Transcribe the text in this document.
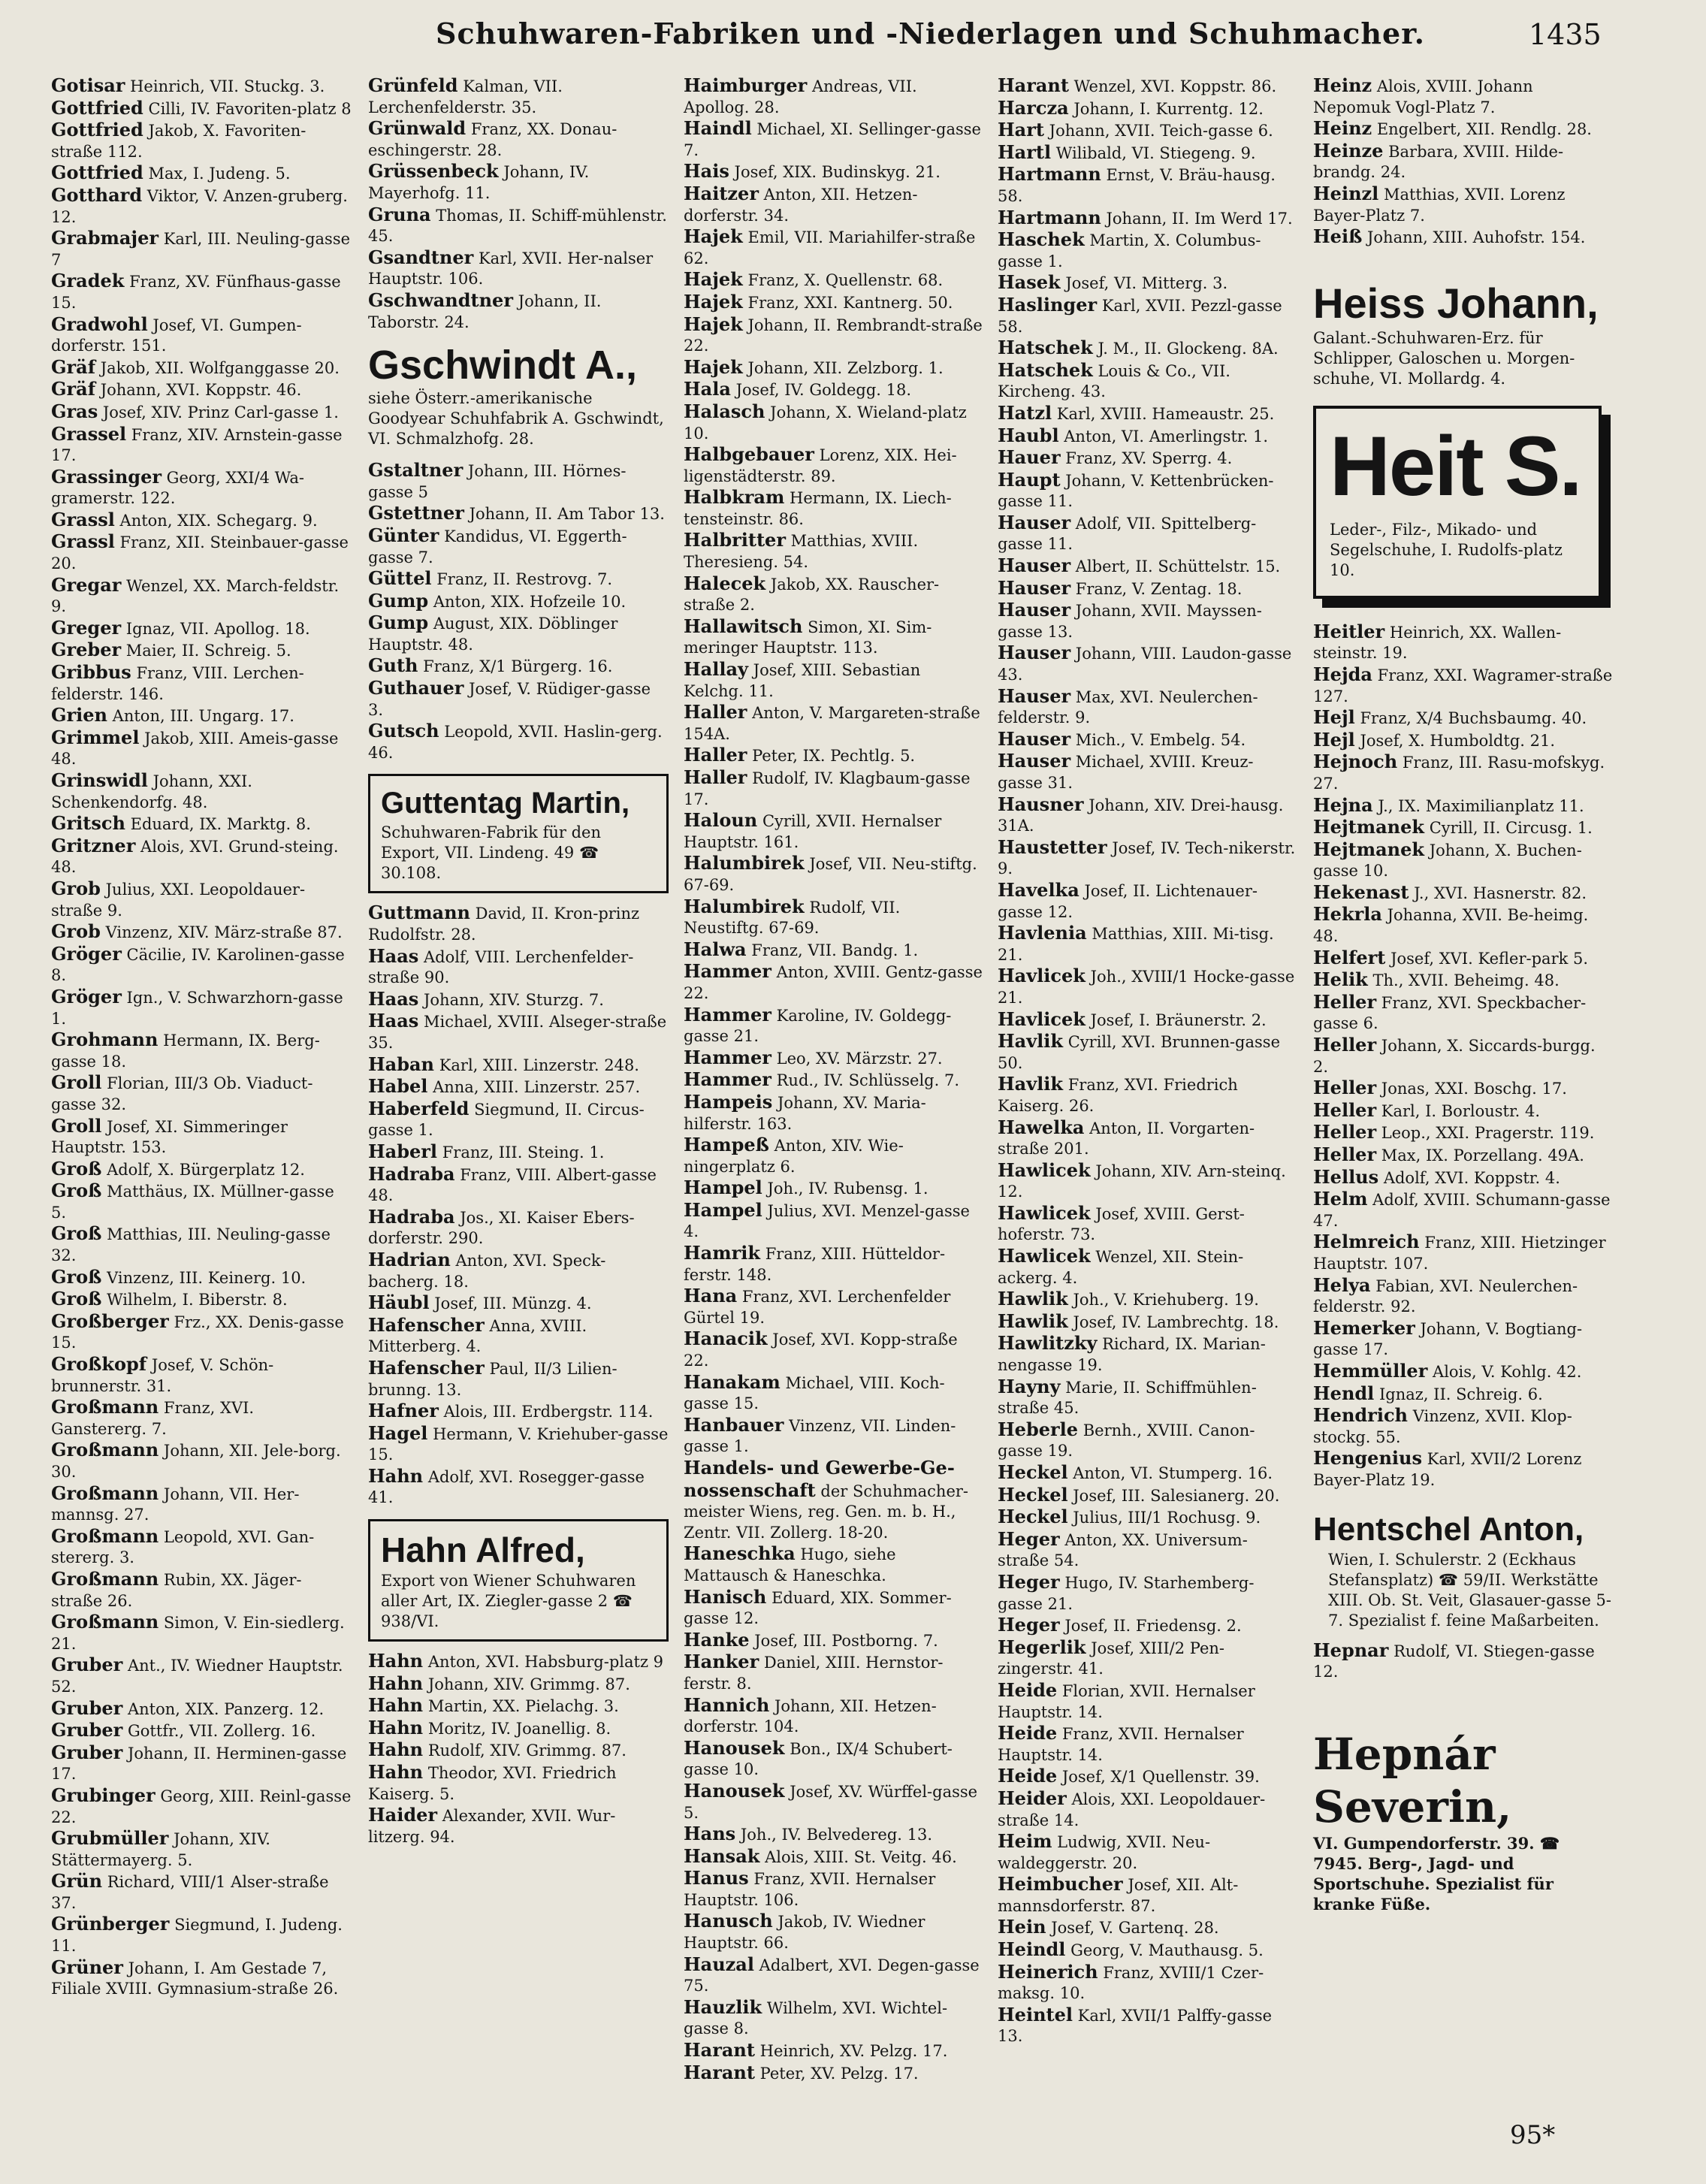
Schuhwaren-Fabriken und -Niederlagen und Schuhmacher.	1435

Gotisar Heinrich, VII. Stuckg. 3.

Gottfried Cilli, IV. Favoriten-platz 8

Gottfried Jakob, X. Favoriten-straße 112.

Gottfried Max, I. Judeng. 5.

Gotthard Viktor, V. Anzen-gruberg. 12.

Grabmajer Karl, III. Neuling-gasse 7

Gradek Franz, XV. Fünfhaus-gasse 15.

Gradwohl Josef, VI. Gumpen-dorferstr. 151.

Gräf Jakob, XII. Wolfganggasse 20.

Gräf Johann, XVI. Koppstr. 46.

Gras Josef, XIV. Prinz Carl-gasse 1.

Grassel Franz, XIV. Arnstein-gasse 17.

Grassinger Georg, XXI/4 Wa-gramerstr. 122.

Grassl Anton, XIX. Schegarg. 9.

Grassl Franz, XII. Steinbauer-gasse 20.

Gregar Wenzel, XX. March-feldstr. 9.

Greger Ignaz, VII. Apollog. 18.

Greber Maier, II. Schreig. 5.

Gribbus Franz, VIII. Lerchen-felderstr. 146.

Grien Anton, III. Ungarg. 17.

Grimmel Jakob, XIII. Ameis-gasse 48.

Grinswidl Johann, XXI. Schenkendorfg. 48.

Gritsch Eduard, IX. Marktg. 8.

Gritzner Alois, XVI. Grund-steing. 48.

Grob Julius, XXI. Leopoldauer-straße 9.

Grob Vinzenz, XIV. März-straße 87.

Gröger Cäcilie, IV. Karolinen-gasse 8.

Gröger Ign., V. Schwarzhorn-gasse 1.

Grohmann Hermann, IX. Berg-gasse 18.

Groll Florian, III/3 Ob. Viaduct-gasse 32.

Groll Josef, XI. Simmeringer Hauptstr. 153.

Groß Adolf, X. Bürgerplatz 12.

Groß Matthäus, IX. Müllner-gasse 5.

Groß Matthias, III. Neuling-gasse 32.

Groß Vinzenz, III. Keinerg. 10.

Groß Wilhelm, I. Biberstr. 8.

Großberger Frz., XX. Denis-gasse 15.

Großkopf Josef, V. Schön-brunnerstr. 31.

Großmann Franz, XVI. Ganstererg. 7.

Großmann Johann, XII. Jele-borg. 30.

Großmann Johann, VII. Her-mannsg. 27.

Großmann Leopold, XVI. Gan-stererg. 3.

Großmann Rubin, XX. Jäger-straße 26.

Großmann Simon, V. Ein-siedlerg. 21.

Gruber Ant., IV. Wiedner Hauptstr. 52.

Gruber Anton, XIX. Panzerg. 12.

Gruber Gottfr., VII. Zollerg. 16.

Gruber Johann, II. Herminen-gasse 17.

Grubinger Georg, XIII. Reinl-gasse 22.

Grubmüller Johann, XIV. Stättermayerg. 5.

Grün Richard, VIII/1 Alser-straße 37.

Grünberger Siegmund, I. Judeng. 11.

Grüner Johann, I. Am Gestade 7, Filiale XVIII. Gymnasium-straße 26.

Grünfeld Kalman, VII. Lerchenfelderstr. 35.

Grünwald Franz, XX. Donau-eschingerstr. 28.

Grüssenbeck Johann, IV. Mayerhofg. 11.

Gruna Thomas, II. Schiff-mühlenstr. 45.

Gsandtner Karl, XVII. Her-nalser Hauptstr. 106.

Gschwandtner Johann, II. Taborstr. 24.

Gschwindt A.,
siehe Österr.-amerikanische Goodyear Schuhfabrik A. Gschwindt, VI. Schmalzhofg. 28.

Gstaltner Johann, III. Hörnes-gasse 5

Gstettner Johann, II. Am Tabor 13.

Günter Kandidus, VI. Eggerth-gasse 7.

Güttel Franz, II. Restrovg. 7.

Gump Anton, XIX. Hofzeile 10.

Gump August, XIX. Döblinger Hauptstr. 48.

Guth Franz, X/1 Bürgerg. 16.

Guthauer Josef, V. Rüdiger-gasse 3.

Gutsch Leopold, XVII. Haslin-gerg. 46.

Guttentag Martin,
Schuhwaren-Fabrik für den Export, VII. Lindeng. 49 ☎ 30.108.

Guttmann David, II. Kron-prinz Rudolfstr. 28.

Haas Adolf, VIII. Lerchenfelder-straße 90.

Haas Johann, XIV. Sturzg. 7.

Haas Michael, XVIII. Alseger-straße 35.

Haban Karl, XIII. Linzerstr. 248.

Habel Anna, XIII. Linzerstr. 257.

Haberfeld Siegmund, II. Circus-gasse 1.

Haberl Franz, III. Steing. 1.

Hadraba Franz, VIII. Albert-gasse 48.

Hadraba Jos., XI. Kaiser Ebers-dorferstr. 290.

Hadrian Anton, XVI. Speck-bacherg. 18.

Häubl Josef, III. Münzg. 4.

Hafenscher Anna, XVIII. Mitterberg. 4.

Hafenscher Paul, II/3 Lilien-brunng. 13.

Hafner Alois, III. Erdbergstr. 114.

Hagel Hermann, V. Kriehuber-gasse 15.

Hahn Adolf, XVI. Rosegger-gasse 41.

Hahn Alfred,
Export von Wiener Schuhwaren aller Art, IX. Ziegler-gasse 2 ☎ 938/VI.

Hahn Anton, XVI. Habsburg-platz 9

Hahn Johann, XIV. Grimmg. 87.

Hahn Martin, XX. Pielachg. 3.

Hahn Moritz, IV. Joanellig. 8.

Hahn Rudolf, XIV. Grimmg. 87.

Hahn Theodor, XVI. Friedrich Kaiserg. 5.

Haider Alexander, XVII. Wur-litzerg. 94.

Haimburger Andreas, VII. Apollog. 28.

Haindl Michael, XI. Sellinger-gasse 7.

Hais Josef, XIX. Budinskyg. 21.

Haitzer Anton, XII. Hetzen-dorferstr. 34.

Hajek Emil, VII. Mariahilfer-straße 62.

Hajek Franz, X. Quellenstr. 68.

Hajek Franz, XXI. Kantnerg. 50.

Hajek Johann, II. Rembrandt-straße 22.

Hajek Johann, XII. Zelzborg. 1.

Hala Josef, IV. Goldegg. 18.

Halasch Johann, X. Wieland-platz 10.

Halbgebauer Lorenz, XIX. Hei-ligenstädterstr. 89.

Halbkram Hermann, IX. Liech-tensteinstr. 86.

Halbritter Matthias, XVIII. Theresieng. 54.

Halecek Jakob, XX. Rauscher-straße 2.

Hallawitsch Simon, XI. Sim-meringer Hauptstr. 113.

Hallay Josef, XIII. Sebastian Kelchg. 11.

Haller Anton, V. Margareten-straße 154A.

Haller Peter, IX. Pechtlg. 5.

Haller Rudolf, IV. Klagbaum-gasse 17.

Haloun Cyrill, XVII. Hernalser Hauptstr. 161.

Halumbirek Josef, VII. Neu-stiftg. 67-69.

Halumbirek Rudolf, VII. Neustiftg. 67-69.

Halwa Franz, VII. Bandg. 1.

Hammer Anton, XVIII. Gentz-gasse 22.

Hammer Karoline, IV. Goldegg-gasse 21.

Hammer Leo, XV. Märzstr. 27.

Hammer Rud., IV. Schlüsselg. 7.

Hampeis Johann, XV. Maria-hilferstr. 163.

Hampeß Anton, XIV. Wie-ningerplatz 6.

Hampel Joh., IV. Rubensg. 1.

Hampel Julius, XVI. Menzel-gasse 4.

Hamrik Franz, XIII. Hütteldor-ferstr. 148.

Hana Franz, XVI. Lerchenfelder Gürtel 19.

Hanacik Josef, XVI. Kopp-straße 22.

Hanakam Michael, VIII. Koch-gasse 15.

Hanbauer Vinzenz, VII. Linden-gasse 1.

Handels- und Gewerbe-Ge-nossenschaft der Schuhmacher-meister Wiens, reg. Gen. m. b. H., Zentr. VII. Zollerg. 18-20.

Haneschka Hugo, siehe Mattausch & Haneschka.

Hanisch Eduard, XIX. Sommer-gasse 12.

Hanke Josef, III. Postborng. 7.

Hanker Daniel, XIII. Hernstor-ferstr. 8.

Hannich Johann, XII. Hetzen-dorferstr. 104.

Hanousek Bon., IX/4 Schubert-gasse 10.

Hanousek Josef, XV. Würffel-gasse 5.

Hans Joh., IV. Belvedereg. 13.

Hansak Alois, XIII. St. Veitg. 46.

Hanus Franz, XVII. Hernalser Hauptstr. 106.

Hanusch Jakob, IV. Wiedner Hauptstr. 66.

Hauzal Adalbert, XVI. Degen-gasse 75.

Hauzlik Wilhelm, XVI. Wichtel-gasse 8.

Harant Heinrich, XV. Pelzg. 17.

Harant Peter, XV. Pelzg. 17.

Harant Wenzel, XVI. Koppstr. 86.

Harcza Johann, I. Kurrentg. 12.

Hart Johann, XVII. Teich-gasse 6.

Hartl Wilibald, VI. Stiegeng. 9.

Hartmann Ernst, V. Bräu-hausg. 58.

Hartmann Johann, II. Im Werd 17.

Haschek Martin, X. Columbus-gasse 1.

Hasek Josef, VI. Mitterg. 3.

Haslinger Karl, XVII. Pezzl-gasse 58.

Hatschek J. M., II. Glockeng. 8A.

Hatschek Louis & Co., VII. Kircheng. 43.

Hatzl Karl, XVIII. Hameaustr. 25.

Haubl Anton, VI. Amerlingstr. 1.

Hauer Franz, XV. Sperrg. 4.

Haupt Johann, V. Kettenbrücken-gasse 11.

Hauser Adolf, VII. Spittelberg-gasse 11.

Hauser Albert, II. Schüttelstr. 15.

Hauser Franz, V. Zentag. 18.

Hauser Johann, XVII. Mayssen-gasse 13.

Hauser Johann, VIII. Laudon-gasse 43.

Hauser Max, XVI. Neulerchen-felderstr. 9.

Hauser Mich., V. Embelg. 54.

Hauser Michael, XVIII. Kreuz-gasse 31.

Hausner Johann, XIV. Drei-hausg. 31A.

Haustetter Josef, IV. Tech-nikerstr. 9.

Havelka Josef, II. Lichtenauer-gasse 12.

Havlenia Matthias, XIII. Mi-tisg. 21.

Havlicek Joh., XVIII/1 Hocke-gasse 21.

Havlicek Josef, I. Bräunerstr. 2.

Havlik Cyrill, XVI. Brunnen-gasse 50.

Havlik Franz, XVI. Friedrich Kaiserg. 26.

Hawelka Anton, II. Vorgarten-straße 201.

Hawlicek Johann, XIV. Arn-steinq. 12.

Hawlicek Josef, XVIII. Gerst-hoferstr. 73.

Hawlicek Wenzel, XII. Stein-ackerg. 4.

Hawlik Joh., V. Kriehuberg. 19.

Hawlik Josef, IV. Lambrechtg. 18.

Hawlitzky Richard, IX. Marian-nengasse 19.

Hayny Marie, II. Schiffmühlen-straße 45.

Heberle Bernh., XVIII. Canon-gasse 19.

Heckel Anton, VI. Stumperg. 16.

Heckel Josef, III. Salesianerg. 20.

Heckel Julius, III/1 Rochusg. 9.

Heger Anton, XX. Universum-straße 54.

Heger Hugo, IV. Starhemberg-gasse 21.

Heger Josef, II. Friedensg. 2.

Hegerlik Josef, XIII/2 Pen-zingerstr. 41.

Heide Florian, XVII. Hernalser Hauptstr. 14.

Heide Franz, XVII. Hernalser Hauptstr. 14.

Heide Josef, X/1 Quellenstr. 39.

Heider Alois, XXI. Leopoldauer-straße 14.

Heim Ludwig, XVII. Neu-waldeggerstr. 20.

Heimbucher Josef, XII. Alt-mannsdorferstr. 87.

Hein Josef, V. Gartenq. 28.

Heindl Georg, V. Mauthausg. 5.

Heinerich Franz, XVIII/1 Czer-maksg. 10.

Heintel Karl, XVII/1 Palffy-gasse 13.

Heinz Alois, XVIII. Johann Nepomuk Vogl-Platz 7.

Heinz Engelbert, XII. Rendlg. 28.

Heinze Barbara, XVIII. Hilde-brandg. 24.

Heinzl Matthias, XVII. Lorenz Bayer-Platz 7.

Heiß Johann, XIII. Auhofstr. 154.

Heiss Johann,
Galant.-Schuhwaren-Erz. für Schlipper, Galoschen u. Morgen-schuhe, VI. Mollardg. 4.
Heit S.
Leder-, Filz-, Mikado- und Segelschuhe, I. Rudolfs-platz 10.

Heitler Heinrich, XX. Wallen-steinstr. 19.

Hejda Franz, XXI. Wagramer-straße 127.

Hejl Franz, X/4 Buchsbaumg. 40.

Hejl Josef, X. Humboldtg. 21.

Hejnoch Franz, III. Rasu-mofskyg. 27.

Hejna J., IX. Maximilianplatz 11.

Hejtmanek Cyrill, II. Circusg. 1.

Hejtmanek Johann, X. Buchen-gasse 10.

Hekenast J., XVI. Hasnerstr. 82.

Hekrla Johanna, XVII. Be-heimg. 48.

Helfert Josef, XVI. Kefler-park 5.

Helik Th., XVII. Beheimg. 48.

Heller Franz, XVI. Speckbacher-gasse 6.

Heller Johann, X. Siccards-burgg. 2.

Heller Jonas, XXI. Boschg. 17.

Heller Karl, I. Borloustr. 4.

Heller Leop., XXI. Pragerstr. 119.

Heller Max, IX. Porzellang. 49A.

Hellus Adolf, XVI. Koppstr. 4.

Helm Adolf, XVIII. Schumann-gasse 47.

Helmreich Franz, XIII. Hietzinger Hauptstr. 107.

Helya Fabian, XVI. Neulerchen-felderstr. 92.

Hemerker Johann, V. Bogtiang-gasse 17.

Hemmüller Alois, V. Kohlg. 42.

Hendl Ignaz, II. Schreig. 6.

Hendrich Vinzenz, XVII. Klop-stockg. 55.

Hengenius Karl, XVII/2 Lorenz Bayer-Platz 19.

Hentschel Anton,
Wien, I. Schulerstr. 2 (Eckhaus Stefansplatz) ☎ 59/II. Werkstätte XIII. Ob. St. Veit, Glasauer-gasse 5-7. Spezialist f. feine Maßarbeiten.

Hepnar Rudolf, VI. Stiegen-gasse 12.

Hepnár Severin,
VI. Gumpendorferstr. 39. ☎ 7945. Berg-, Jagd- und Sportschuhe. Spezialist für kranke Füße.
95*
